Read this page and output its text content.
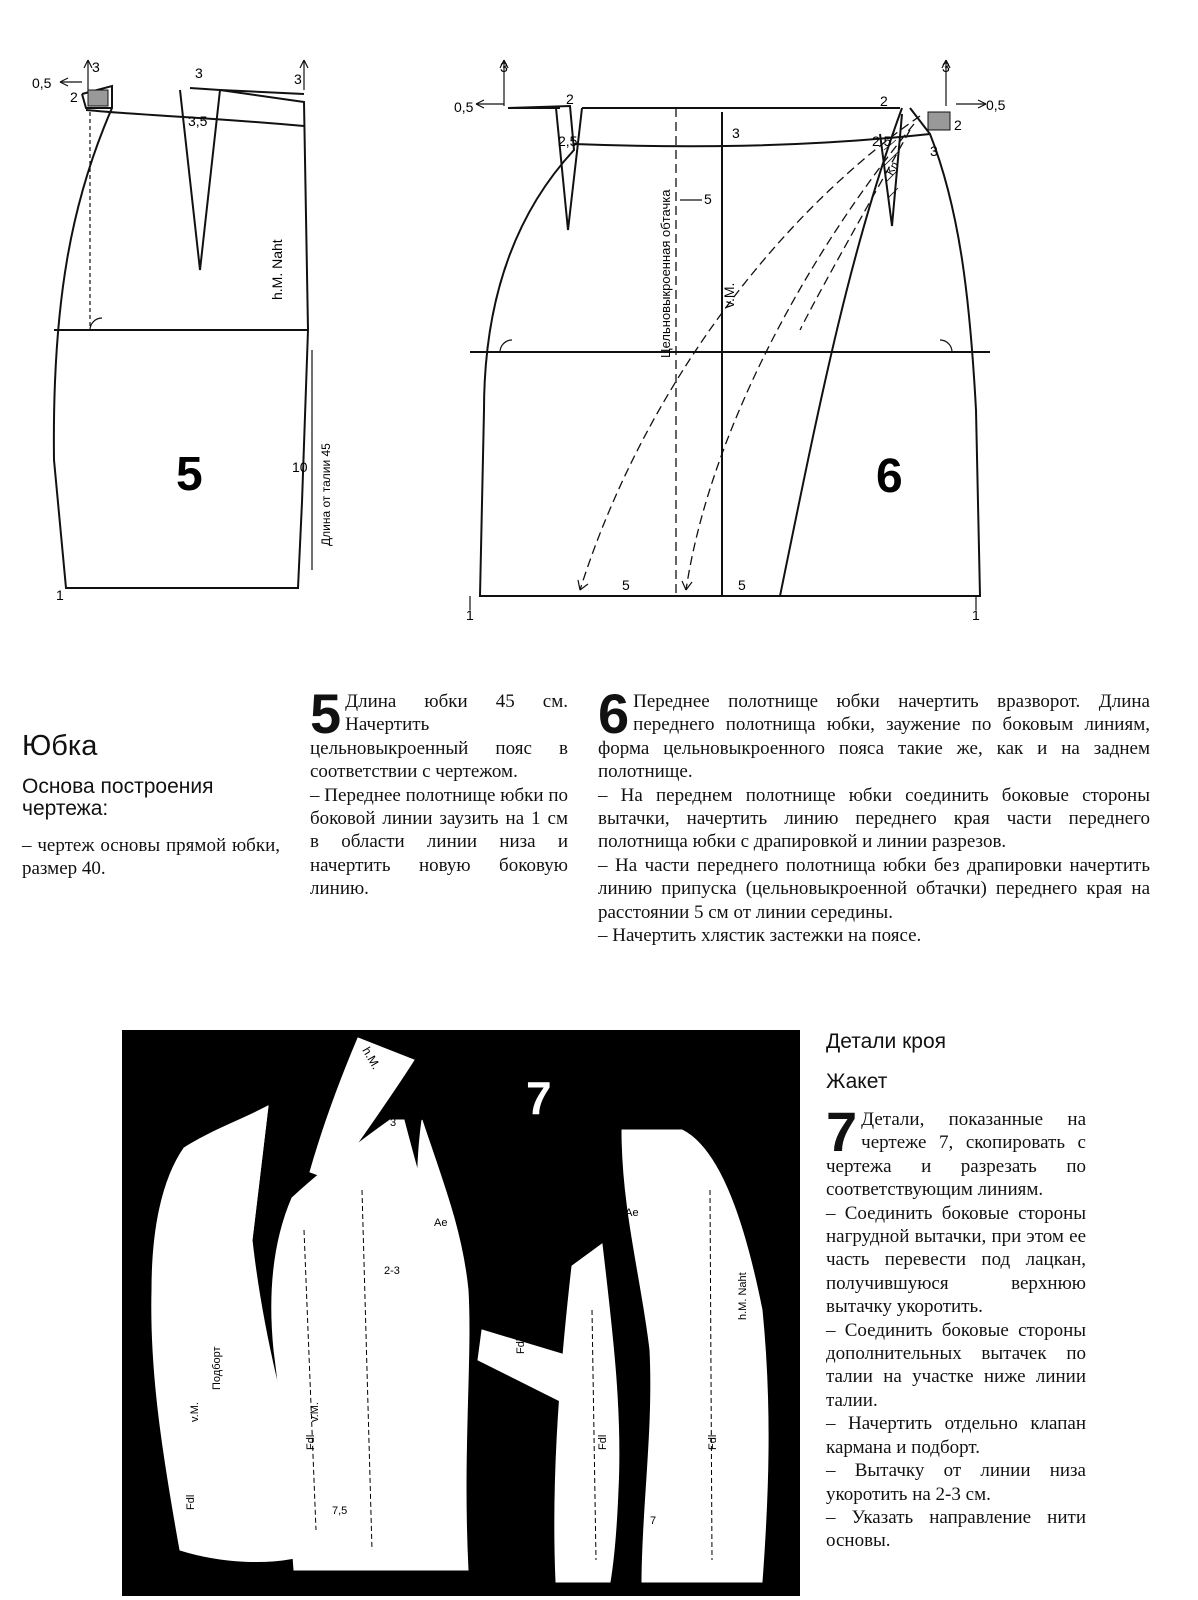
0,5
3	3	3
2
3,5
h.M. Naht
Длина от талии 45
10
1
5
0,5	0,5
3	3
2	2
2
2,5	2,5
3
3
5
Цельновыкроенная обтачка	v.M.
Kn
5	5
1	1
6
Юбка
Основа построения чертежа:
– чертеж основы прямой юбки, размер 40.
5 Длина юбки 45 см. Начертить цельновыкроенный пояс в соответствии с чертежом.

– Переднее полотнище юбки по боковой линии заузить на 1 см в области линии низа и начертить новую боковую линию.

6 Переднее полотнище юбки начертить вразворот. Длина переднего полотнища юбки, заужение по боковым линиям, форма цельновыкроенного пояса такие же, как и на заднем полотнище.

– На переднем полотнище юбки соединить боковые стороны вытачки, начертить линию переднего края части переднего полотнища юбки с драпировкой и линии разрезов.

– На части переднего полотнища юбки без драпировки начертить линию припуска (цельновыкроенной обтачки) переднего края на расстоянии 5 см от линии середины.

– Начертить хлястик застежки на поясе.

h.M.
Подборт
v.M.	v.M.
Fdl
Fdl
Fdl
Fdl	Fdl
2-3
7,5
Ae
h.Ae
h.M. Naht
7
3	7
Детали кроя
Жакет
7 Детали, показанные на чертеже 7, скопировать с чертежа и разрезать по соответствующим линиям.

– Соединить боковые стороны нагрудной вытачки, при этом ее часть перевести под лацкан, получившуюся верхнюю вытачку укоротить.

– Соединить боковые стороны дополнительных вытачек по талии на участке ниже линии талии.

– Начертить отдельно клапан кармана и подборт.

– Вытачку от линии низа укоротить на 2-3 см.

– Указать направление нити основы.
